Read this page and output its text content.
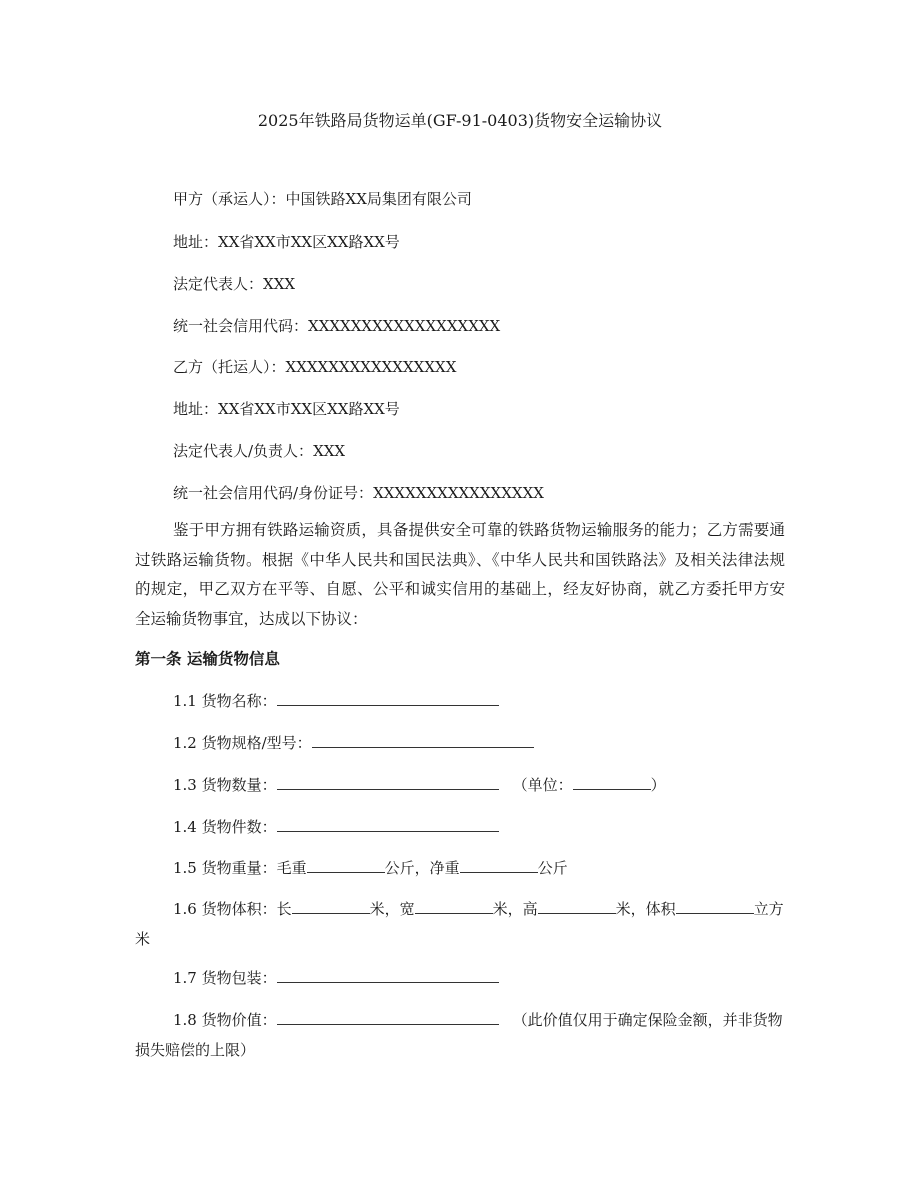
2025年铁路局货物运单(GF-91-0403)货物安全运输协议
甲方（承运人）：中国铁路XX局集团有限公司
地址：XX省XX市XX区XX路XX号
法定代表人：XXX
统一社会信用代码：XXXXXXXXXXXXXXXXXX
乙方（托运人）：XXXXXXXXXXXXXXXX
地址：XX省XX市XX区XX路XX号
法定代表人/负责人：XXX
统一社会信用代码/身份证号：XXXXXXXXXXXXXXXX
鉴于甲方拥有铁路运输资质，具备提供安全可靠的铁路货物运输服务的能力；乙方需要通过铁路运输货物。根据《中华人民共和国民法典》、《中华人民共和国铁路法》及相关法律法规的规定，甲乙双方在平等、自愿、公平和诚实信用的基础上，经友好协商，就乙方委托甲方安全运输货物事宜，达成以下协议：
第一条 运输货物信息
1.1 货物名称：
1.2 货物规格/型号：
1.3 货物数量：	（单位：	）
1.4 货物件数：
1.5 货物重量：毛重	公斤，净重	公斤
1.6 货物体积：长	米，宽	米，高	米，体积	立方米
1.7 货物包装：
1.8 货物价值：	（此价值仅用于确定保险金额，并非货物损失赔偿的上限）
